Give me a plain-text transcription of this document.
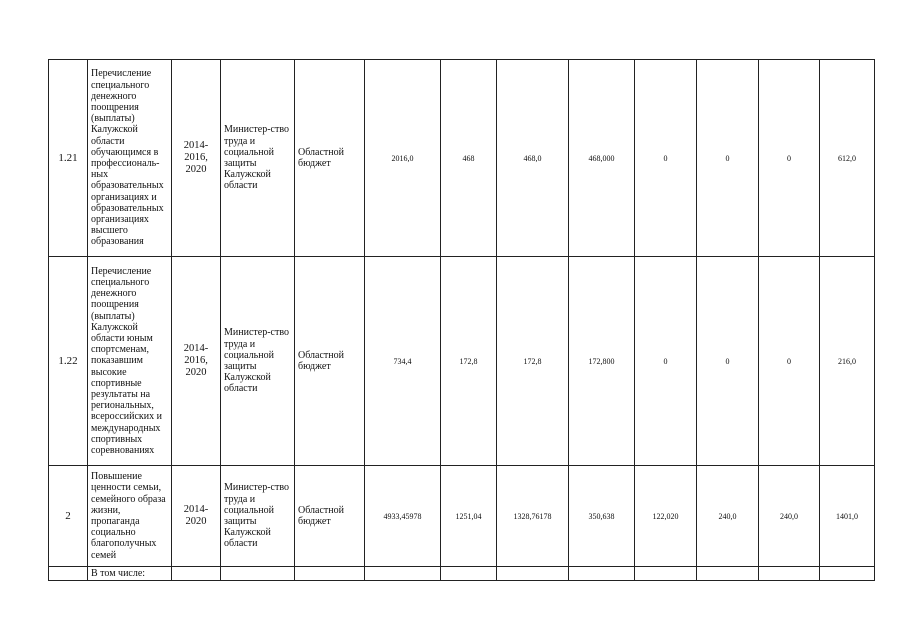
1.21	Перечисление специального денежного поощрения (выплаты) Калужской области обучающимся в профессиональ-ных образовательных организациях и образовательных организациях высшего образования	2014-2016, 2020	Министер-ство труда и социальной защиты Калужской области	Областной бюджет	2016,0	468	468,0	468,000	0	0	0	612,0
1.22	Перечисление специального денежного поощрения (выплаты) Калужской области юным спортсменам, показавшим высокие спортивные результаты на региональных, всероссийских и международных спортивных соревнованиях	2014-2016, 2020	Министер-ство труда и социальной защиты Калужской области	Областной бюджет	734,4	172,8	172,8	172,800	0	0	0	216,0
2	Повышение ценности семьи, семейного образа жизни, пропаганда социально благополучных семей	2014-2020	Министер-ство труда и социальной защиты Калужской области	Областной бюджет	4933,45978	1251,04	1328,76178	350,638	122,020	240,0	240,0	1401,0
	В том числе:											
